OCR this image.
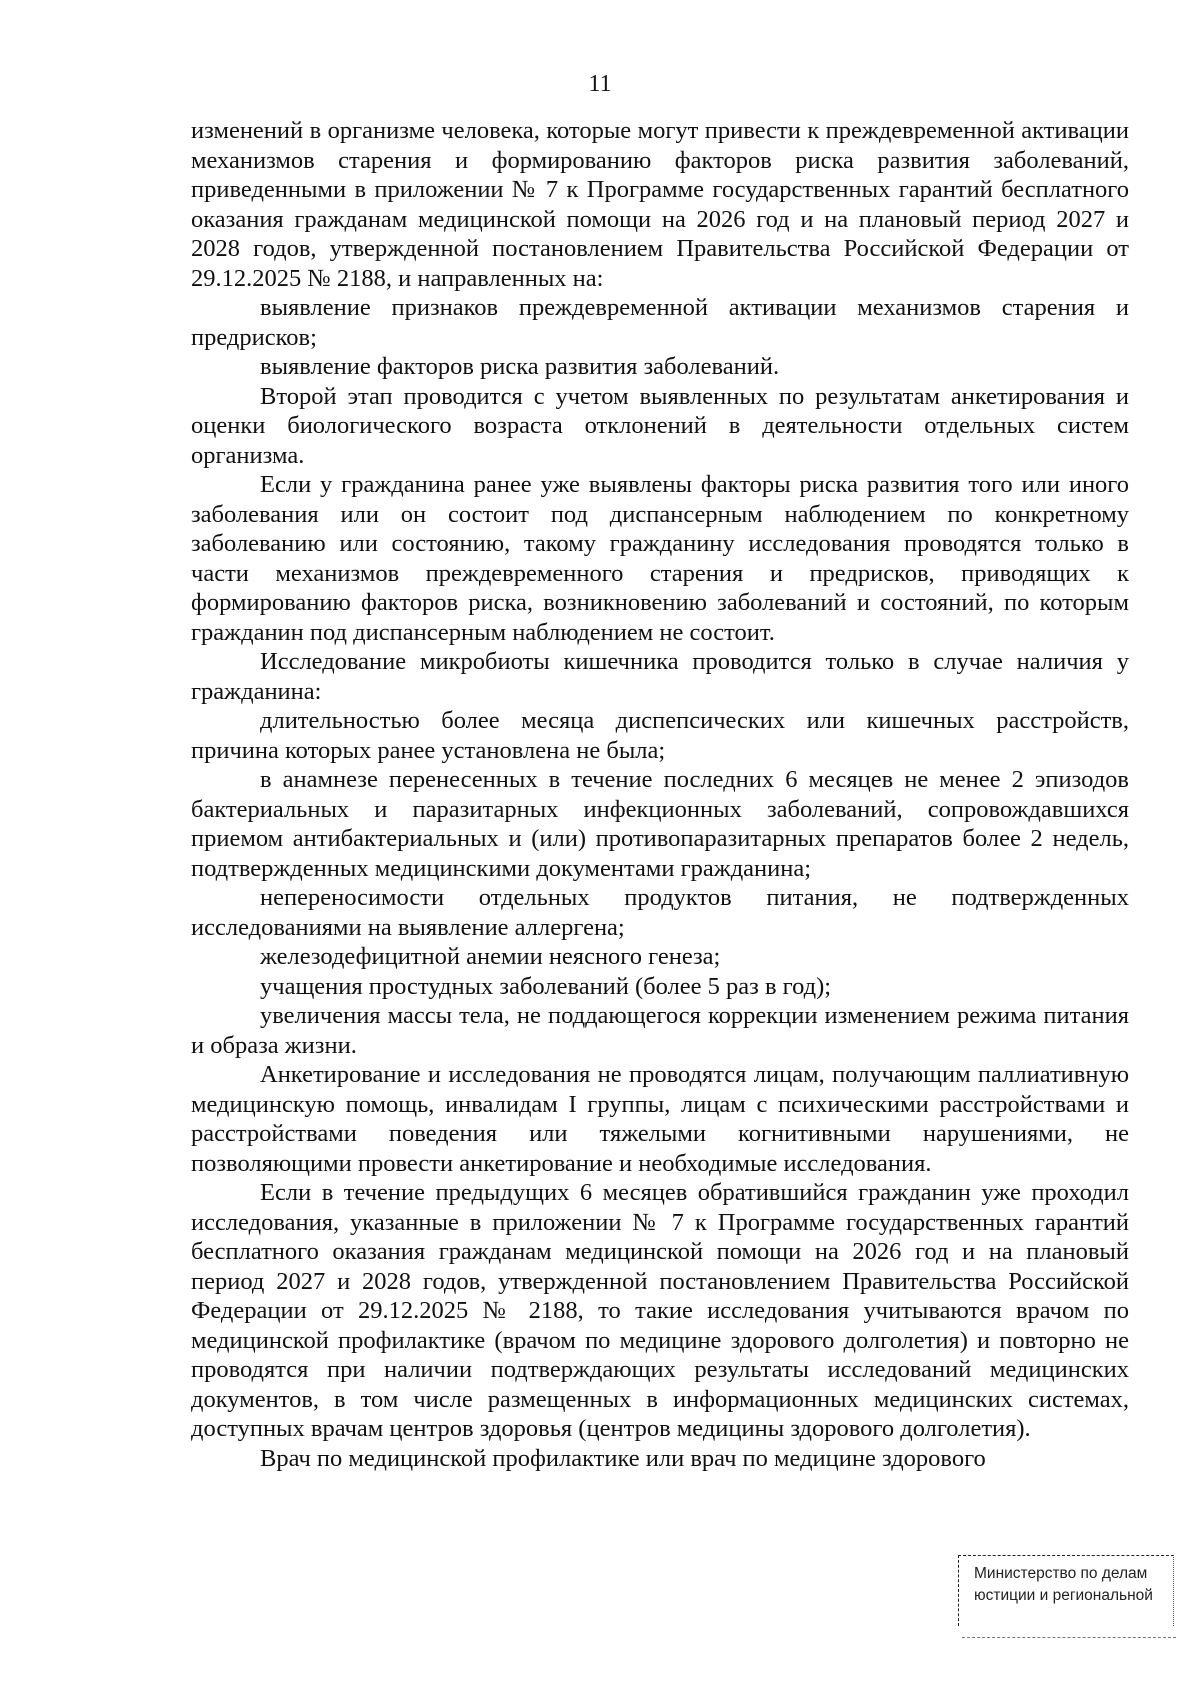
11

изменений в организме человека, которые могут привести к преждевременной активации механизмов старения и формированию факторов риска развития заболеваний, приведенными в приложении № 7 к Программе государственных гарантий бесплатного оказания гражданам медицинской помощи на 2026 год и на плановый период 2027 и 2028 годов, утвержденной постановлением Правительства Российской Федерации от 29.12.2025 № 2188, и направленных на:

выявление признаков преждевременной активации механизмов старения и предрисков;

выявление факторов риска развития заболеваний.

Второй этап проводится с учетом выявленных по результатам анкетирования и оценки биологического возраста отклонений в деятельности отдельных систем организма.

Если у гражданина ранее уже выявлены факторы риска развития того или иного заболевания или он состоит под диспансерным наблюдением по конкретному заболеванию или состоянию, такому гражданину исследования проводятся только в части механизмов преждевременного старения и предрисков, приводящих к формированию факторов риска, возникновению заболеваний и состояний, по которым гражданин под диспансерным наблюдением не состоит.

Исследование микробиоты кишечника проводится только в случае наличия у гражданина:

длительностью более месяца диспепсических или кишечных расстройств, причина которых ранее установлена не была;

в анамнезе перенесенных в течение последних 6 месяцев не менее 2 эпизодов бактериальных и паразитарных инфекционных заболеваний, сопровождавшихся приемом антибактериальных и (или) противопаразитарных препаратов более 2 недель, подтвержденных медицинскими документами гражданина;

непереносимости отдельных продуктов питания, не подтвержденных исследованиями на выявление аллергена;

железодефицитной анемии неясного генеза;

учащения простудных заболеваний (более 5 раз в год);

увеличения массы тела, не поддающегося коррекции изменением режима питания и образа жизни.

Анкетирование и исследования не проводятся лицам, получающим паллиативную медицинскую помощь, инвалидам I группы, лицам с психическими расстройствами и расстройствами поведения или тяжелыми когнитивными нарушениями, не позволяющими провести анкетирование и необходимые исследования.

Если в течение предыдущих 6 месяцев обратившийся гражданин уже проходил исследования, указанные в приложении № 7 к Программе государственных гарантий бесплатного оказания гражданам медицинской помощи на 2026 год и на плановый период 2027 и 2028 годов, утвержденной постановлением Правительства Российской Федерации от 29.12.2025 № 2188, то такие исследования учитываются врачом по медицинской профилактике (врачом по медицине здорового долголетия) и повторно не проводятся при наличии подтверждающих результаты исследований медицинских документов, в том числе размещенных в информационных медицинских системах, доступных врачам центров здоровья (центров медицины здорового долголетия).

Врач по медицинской профилактике или врач по медицине здорового

Министерство по делам
юстиции и региональной
